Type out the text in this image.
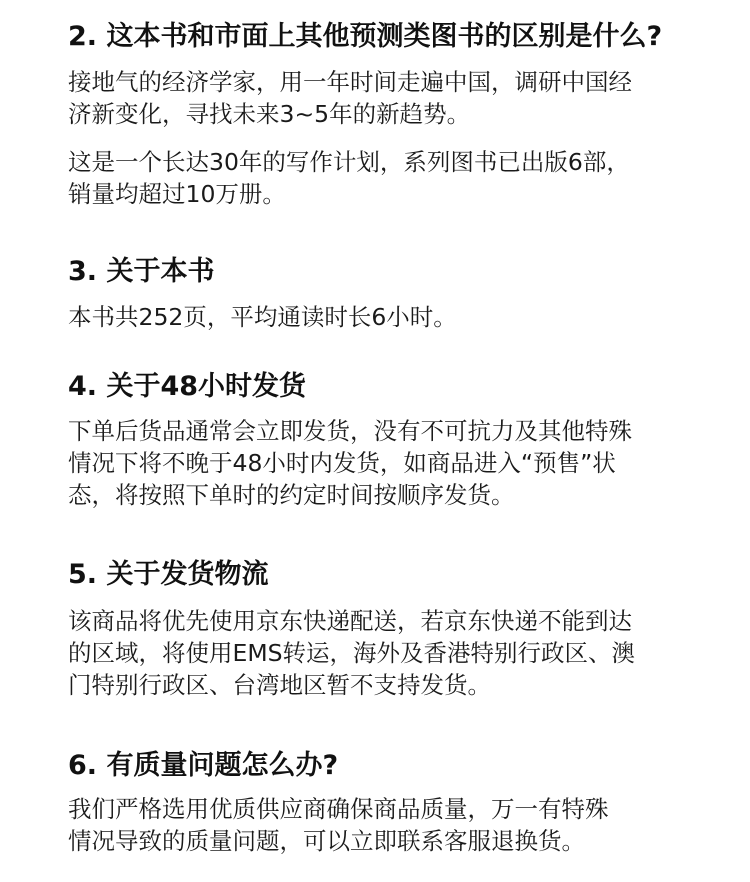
2. 这本书和市面上其他预测类图书的区别是什么?

接地气的经济学家，用一年时间走遍中国，调研中国经
济新变化，寻找未来3~5年的新趋势。

这是一个长达30年的写作计划，系列图书已出版6部，
销量均超过10万册。

3. 关于本书

本书共252页，平均通读时长6小时。

4. 关于48小时发货

下单后货品通常会立即发货，没有不可抗力及其他特殊
情况下将不晚于48小时内发货，如商品进入“预售”状
态，将按照下单时的约定时间按顺序发货。

5. 关于发货物流

该商品将优先使用京东快递配送，若京东快递不能到达
的区域，将使用EMS转运，海外及香港特别行政区、澳
门特别行政区、台湾地区暂不支持发货。

6. 有质量问题怎么办?

我们严格选用优质供应商确保商品质量，万一有特殊
情况导致的质量问题，可以立即联系客服退换货。
